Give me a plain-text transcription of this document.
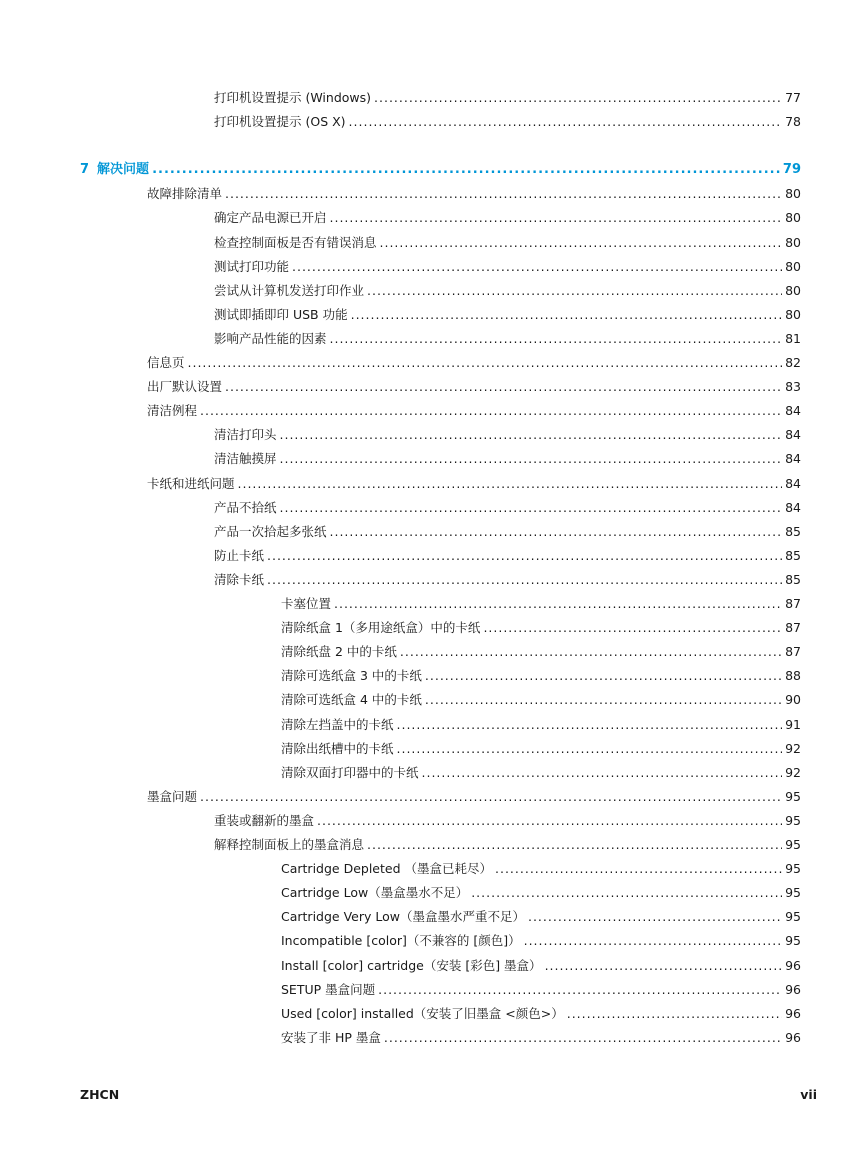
打印机设置提示 (Windows) .....	77
打印机设置提示 (OS X) .....	78
7 解决问题 .....	79
故障排除清单 .....	80
确定产品电源已开启 .....	80
检查控制面板是否有错误消息 .....	80
测试打印功能 .....	80
尝试从计算机发送打印作业 .....	80
测试即插即印 USB 功能 .....	80
影响产品性能的因素 .....	81
信息页 .....	82
出厂默认设置 .....	83
清洁例程 .....	84
清洁打印头 .....	84
清洁触摸屏 .....	84
卡纸和进纸问题 .....	84
产品不拾纸 .....	84
产品一次拾起多张纸 .....	85
防止卡纸 .....	85
清除卡纸 .....	85
卡塞位置 .....	87
清除纸盒 1（多用途纸盒）中的卡纸 .....	87
清除纸盘 2 中的卡纸 .....	87
清除可选纸盒 3 中的卡纸 .....	88
清除可选纸盒 4 中的卡纸 .....	90
清除左挡盖中的卡纸 .....	91
清除出纸槽中的卡纸 .....	92
清除双面打印器中的卡纸 .....	92
墨盒问题 .....	95
重装或翻新的墨盒 .....	95
解释控制面板上的墨盒消息 .....	95
Cartridge Depleted （墨盒已耗尽） .....	95
Cartridge Low（墨盒墨水不足） .....	95
Cartridge Very Low（墨盒墨水严重不足） .....	95
Incompatible [color]（不兼容的 [颜色]） .....	95
Install [color] cartridge（安装 [彩色] 墨盒） .....	96
SETUP 墨盒问题 .....	96
Used [color] installed（安装了旧墨盒 <颜色>） .....	96
安装了非 HP 墨盒 .....	96
ZHCN	vii
